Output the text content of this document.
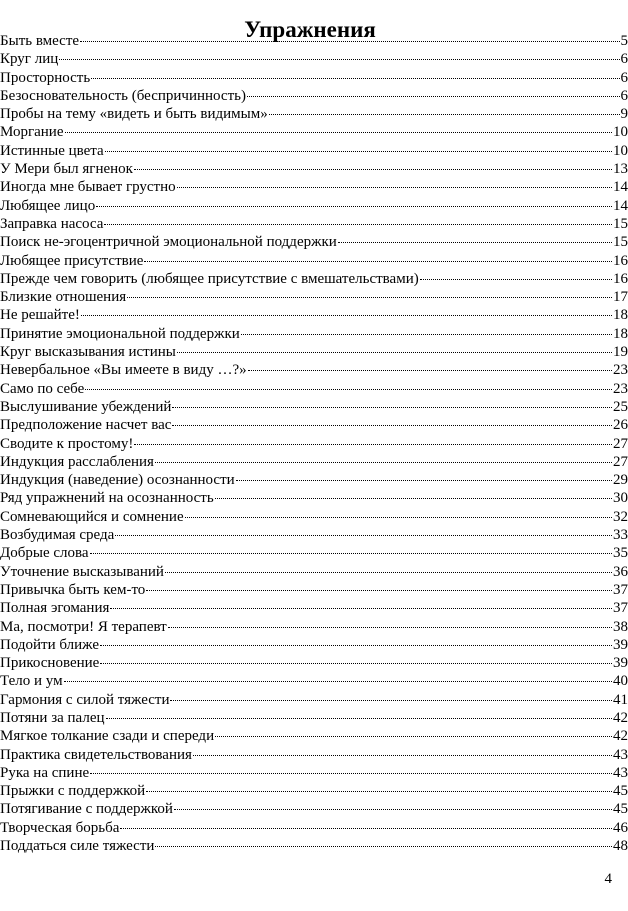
Упражнения
Быть вместе	5
Круг лиц	6
Просторность	6
Безосновательность (беспричинность)	6
Пробы на тему «видеть и быть видимым»	9
Моргание	10
Истинные цвета	10
У Мери был ягненок	13
Иногда мне бывает грустно	14
Любящее лицо	14
Заправка насоса	15
Поиск не-эгоцентричной эмоциональной поддержки	15
Любящее присутствие	16
Прежде чем говорить (любящее присутствие с вмешательствами)	16
Близкие отношения	17
Не решайте!	18
Принятие эмоциональной поддержки	18
Круг высказывания истины	19
Невербальное «Вы имеете в виду …?»	23
Само по себе	23
Выслушивание убеждений	25
Предположение насчет вас	26
Сводите к простому!	27
Индукция расслабления	27
Индукция (наведение) осознанности	29
Ряд упражнений на осознанность	30
Сомневающийся и сомнение	32
Возбудимая среда	33
Добрые слова	35
Уточнение высказываний	36
Привычка быть кем-то	37
Полная эгомания	37
Ма, посмотри! Я терапевт	38
Подойти ближе	39
Прикосновение	39
Тело и ум	40
Гармония с силой тяжести	41
Потяни за палец	42
Мягкое толкание сзади и спереди	42
Практика свидетельствования	43
Рука на спине	43
Прыжки с поддержкой	45
Потягивание с поддержкой	45
Творческая борьба	46
Поддаться силе тяжести	48
4
